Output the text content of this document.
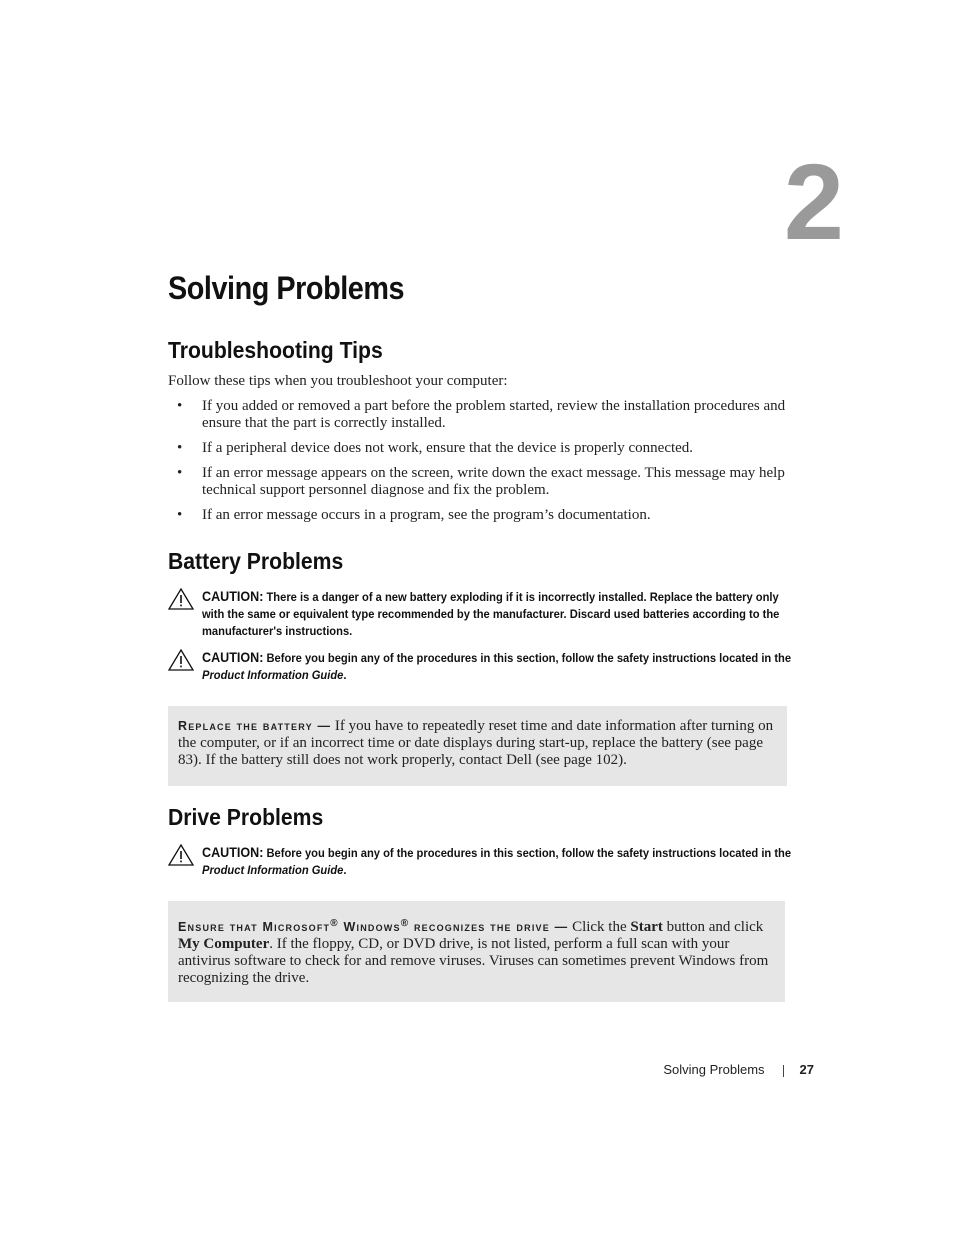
2
Solving Problems
Troubleshooting Tips
Follow these tips when you troubleshoot your computer:
• If you added or removed a part before the problem started, review the installation procedures and ensure that the part is correctly installed.
• If a peripheral device does not work, ensure that the device is properly connected.
• If an error message appears on the screen, write down the exact message. This message may help technical support personnel diagnose and fix the problem.
• If an error message occurs in a program, see the program’s documentation.
Battery Problems
CAUTION: There is a danger of a new battery exploding if it is incorrectly installed. Replace the battery only with the same or equivalent type recommended by the manufacturer. Discard used batteries according to the manufacturer's instructions.
CAUTION: Before you begin any of the procedures in this section, follow the safety instructions located in the Product Information Guide.
Replace the battery — If you have to repeatedly reset time and date information after turning on the computer, or if an incorrect time or date displays during start-up, replace the battery (see page 83). If the battery still does not work properly, contact Dell (see page 102).
Drive Problems
CAUTION: Before you begin any of the procedures in this section, follow the safety instructions located in the Product Information Guide.
Ensure that Microsoft® Windows® recognizes the drive — Click the Start button and click My Computer. If the floppy, CD, or DVD drive, is not listed, perform a full scan with your antivirus software to check for and remove viruses. Viruses can sometimes prevent Windows from recognizing the drive.
Solving Problems	27
